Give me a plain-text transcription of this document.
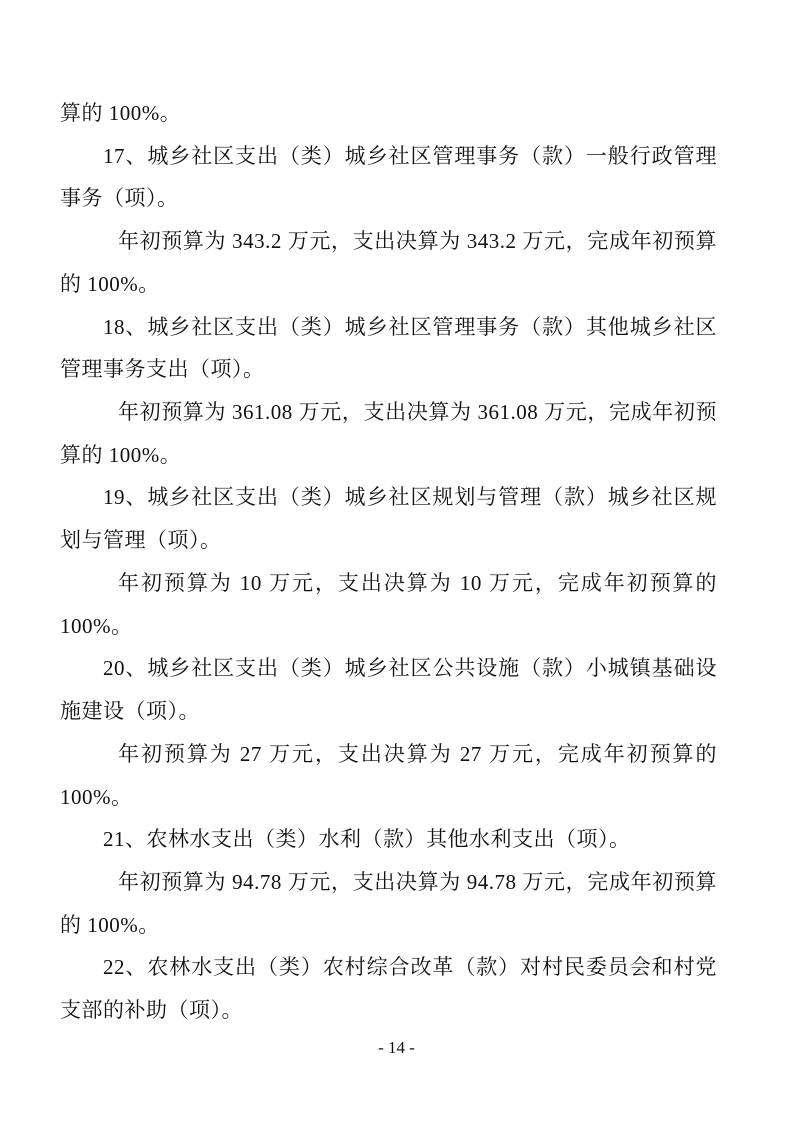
算的 100%。
17、城乡社区支出（类）城乡社区管理事务（款）一般行政管理
事务（项）。
年初预算为 343.2 万元，支出决算为 343.2 万元，完成年初预算
的 100%。
18、城乡社区支出（类）城乡社区管理事务（款）其他城乡社区
管理事务支出（项）。
年初预算为 361.08 万元，支出决算为 361.08 万元，完成年初预
算的 100%。
19、城乡社区支出（类）城乡社区规划与管理（款）城乡社区规
划与管理（项）。
年初预算为 10 万元，支出决算为 10 万元，完成年初预算的
100%。
20、城乡社区支出（类）城乡社区公共设施（款）小城镇基础设
施建设（项）。
年初预算为 27 万元，支出决算为 27 万元，完成年初预算的
100%。
21、农林水支出（类）水利（款）其他水利支出（项）。
年初预算为 94.78 万元，支出决算为 94.78 万元，完成年初预算
的 100%。
22、农林水支出（类）农村综合改革（款）对村民委员会和村党
支部的补助（项）。
- 14 -
